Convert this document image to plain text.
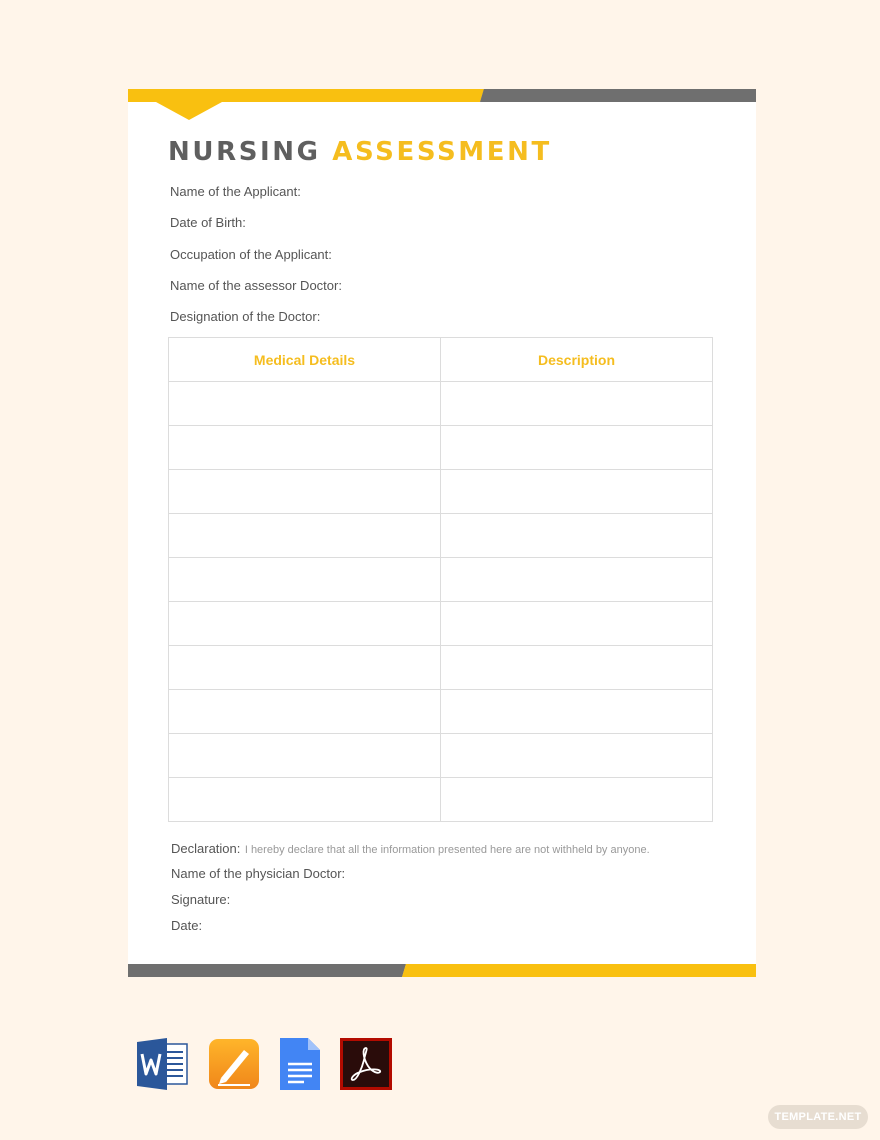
NURSING ASSESSMENT
Name of the Applicant:
Date of Birth:
Occupation of the Applicant:
Name of the assessor Doctor:
Designation of the Doctor:
Medical Details	Description

Declaration: I hereby declare that all the information presented here are not withheld by anyone.
Name of the physician Doctor:
Signature:
Date:
TEMPLATE.NET
